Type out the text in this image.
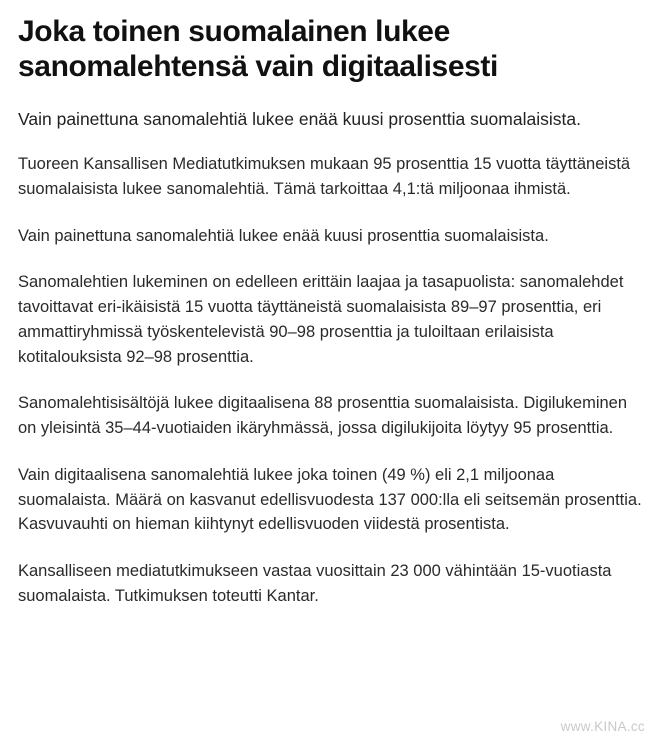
Joka toinen suomalainen lukee sanomalehtensä vain digitaalisesti

Vain painettuna sanomalehtiä lukee enää kuusi prosenttia suomalaisista.

Tuoreen Kansallisen Mediatutkimuksen mukaan 95 prosenttia 15 vuotta täyttäneistä suomalaisista lukee sanomalehtiä. Tämä tarkoittaa 4,1:tä miljoonaa ihmistä.

Vain painettuna sanomalehtiä lukee enää kuusi prosenttia suomalaisista.

Sanomalehtien lukeminen on edelleen erittäin laajaa ja tasapuolista: sanomalehdet tavoittavat eri-ikäisistä 15 vuotta täyttäneistä suomalaisista 89–97 prosenttia, eri ammattiryhmissä työskentelevistä 90–98 prosenttia ja tuloiltaan erilaisista kotitalouksista 92–98 prosenttia.

Sanomalehtisisältöjä lukee digitaalisena 88 prosenttia suomalaisista. Digilukeminen on yleisintä 35–44-vuotiaiden ikäryhmässä, jossa digilukijoita löytyy 95 prosenttia.

Vain digitaalisena sanomalehtiä lukee joka toinen (49 %) eli 2,1 miljoonaa suomalaista. Määrä on kasvanut edellisvuodesta 137 000:lla eli seitsemän prosenttia. Kasvuvauhti on hieman kiihtynyt edellisvuoden viidestä prosentista.

Kansalliseen mediatutkimukseen vastaa vuosittain 23 000 vähintään 15-vuotiasta suomalaista. Tutkimuksen toteutti Kantar.

www.KINA.cc
